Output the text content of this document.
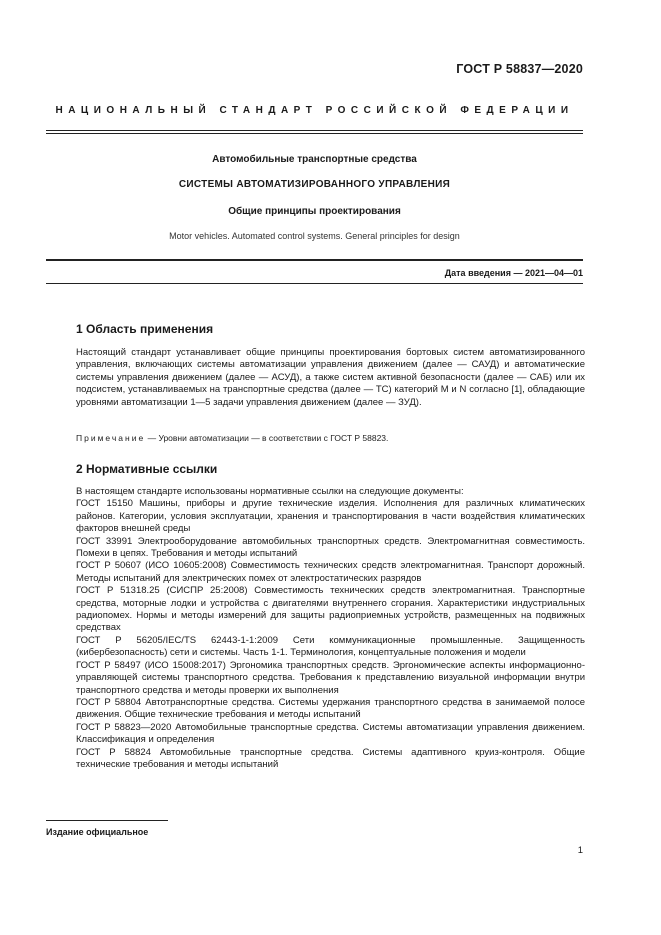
ГОСТ Р 58837—2020
НАЦИОНАЛЬНЫЙ СТАНДАРТ РОССИЙСКОЙ ФЕДЕРАЦИИ
Автомобильные транспортные средства
СИСТЕМЫ АВТОМАТИЗИРОВАННОГО УПРАВЛЕНИЯ
Общие принципы проектирования
Motor vehicles. Automated control systems. General principles for design
Дата введения — 2021—04—01
1 Область применения

Настоящий стандарт устанавливает общие принципы проектирования бортовых систем автоматизированного управления, включающих системы автоматизации управления движением (далее — САУД) и автоматические системы управления движением (далее — АСУД), а также систем активной безопасности (далее — САБ) или их подсистем, устанавливаемых на транспортные средства (далее — ТС) категорий М и N согласно [1], обладающие уровнями автоматизации 1—5 задачи управления движением (далее — ЗУД).

Примечание — Уровни автоматизации — в соответствии с ГОСТ Р 58823.
2 Нормативные ссылки

В настоящем стандарте использованы нормативные ссылки на следующие документы:

ГОСТ 15150 Машины, приборы и другие технические изделия. Исполнения для различных климатических районов. Категории, условия эксплуатации, хранения и транспортирования в части воздействия климатических факторов внешней среды

ГОСТ 33991 Электрооборудование автомобильных транспортных средств. Электромагнитная совместимость. Помехи в цепях. Требования и методы испытаний

ГОСТ Р 50607 (ИСО 10605:2008) Совместимость технических средств электромагнитная. Транспорт дорожный. Методы испытаний для электрических помех от электростатических разрядов

ГОСТ Р 51318.25 (СИСПР 25:2008) Совместимость технических средств электромагнитная. Транспортные средства, моторные лодки и устройства с двигателями внутреннего сгорания. Характеристики индустриальных радиопомех. Нормы и методы измерений для защиты радиоприемных устройств, размещенных на подвижных средствах

ГОСТ Р 56205/IEC/TS 62443-1-1:2009 Сети коммуникационные промышленные. Защищенность (кибербезопасность) сети и системы. Часть 1-1. Терминология, концептуальные положения и модели

ГОСТ Р 58497 (ИСО 15008:2017) Эргономика транспортных средств. Эргономические аспекты информационно-управляющей системы транспортного средства. Требования к представлению визуальной информации внутри транспортного средства и методы проверки их выполнения

ГОСТ Р 58804 Автотранспортные средства. Системы удержания транспортного средства в занимаемой полосе движения. Общие технические требования и методы испытаний

ГОСТ Р 58823—2020 Автомобильные транспортные средства. Системы автоматизации управления движением. Классификация и определения

ГОСТ Р 58824 Автомобильные транспортные средства. Системы адаптивного круиз-контроля. Общие технические требования и методы испытаний

Издание официальное
1
